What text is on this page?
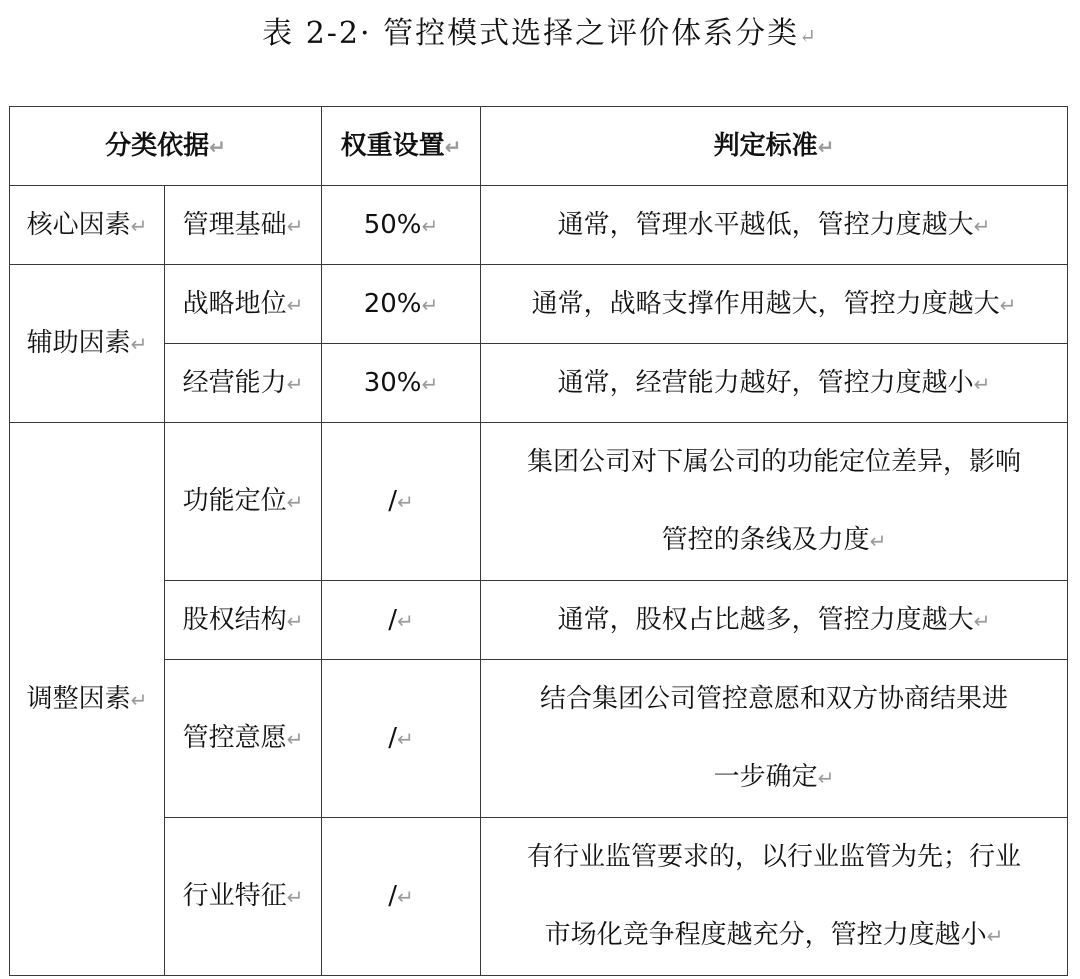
表 2-2· 管控模式选择之评价体系分类↵
分类依据↵		权重设置↵	判定标准↵
核心因素↵	管理基础↵	50%↵	通常，管理水平越低，管控力度越大↵
辅助因素↵	战略地位↵	20%↵	通常，战略支撑作用越大，管控力度越大↵
	经营能力↵	30%↵	通常，经营能力越好，管控力度越小↵
调整因素↵	功能定位↵	/↵	集团公司对下属公司的功能定位差异，影响
管控的条线及力度↵

	股权结构↵	/↵	通常，股权占比越多，管控力度越大↵
	管控意愿↵	/↵	结合集团公司管控意愿和双方协商结果进
一步确定↵

	行业特征↵	/↵	有行业监管要求的，以行业监管为先；行业
市场化竞争程度越充分，管控力度越小↵
